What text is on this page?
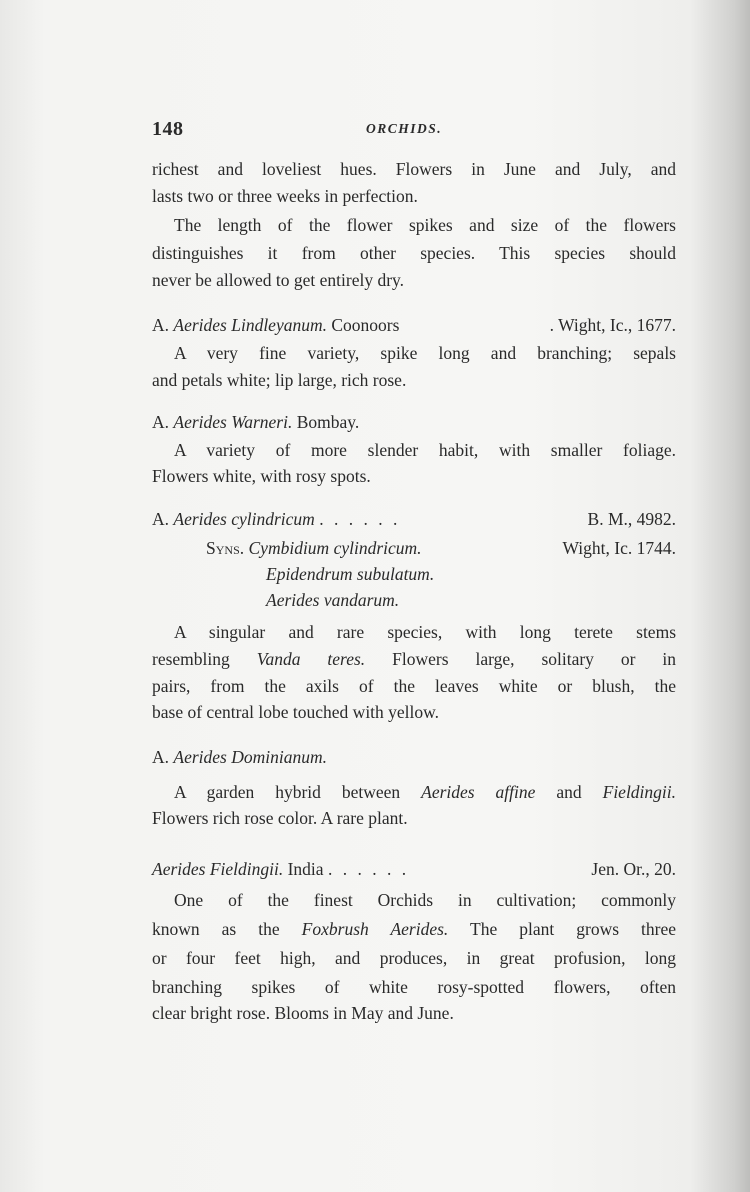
148	ORCHIDS.
richest and loveliest hues. Flowers in June and July, and
lasts two or three weeks in perfection.
The length of the flower spikes and size of the flowers
distinguishes it from other species. This species should
never be allowed to get entirely dry.
A. Aerides Lindleyanum. Coonoors	. Wight, Ic., 1677.
A very fine variety, spike long and branching; sepals
and petals white; lip large, rich rose.
A. Aerides Warneri. Bombay.
A variety of more slender habit, with smaller foliage.
Flowers white, with rosy spots.
A. Aerides cylindricum . . . . . .	B. M., 4982.
Syns. Cymbidium cylindricum.	Wight, Ic. 1744.
Epidendrum subulatum.
Aerides vandarum.
A singular and rare species, with long terete stems
resembling Vanda teres. Flowers large, solitary or in
pairs, from the axils of the leaves white or blush, the
base of central lobe touched with yellow.
A. Aerides Dominianum.
A garden hybrid between Aerides affine and Fieldingii.
Flowers rich rose color. A rare plant.
Aerides Fieldingii. India . . . . . .	Jen. Or., 20.
One of the finest Orchids in cultivation; commonly
known as the Foxbrush Aerides. The plant grows three
or four feet high, and produces, in great profusion, long
branching spikes of white rosy-spotted flowers, often
clear bright rose. Blooms in May and June.
